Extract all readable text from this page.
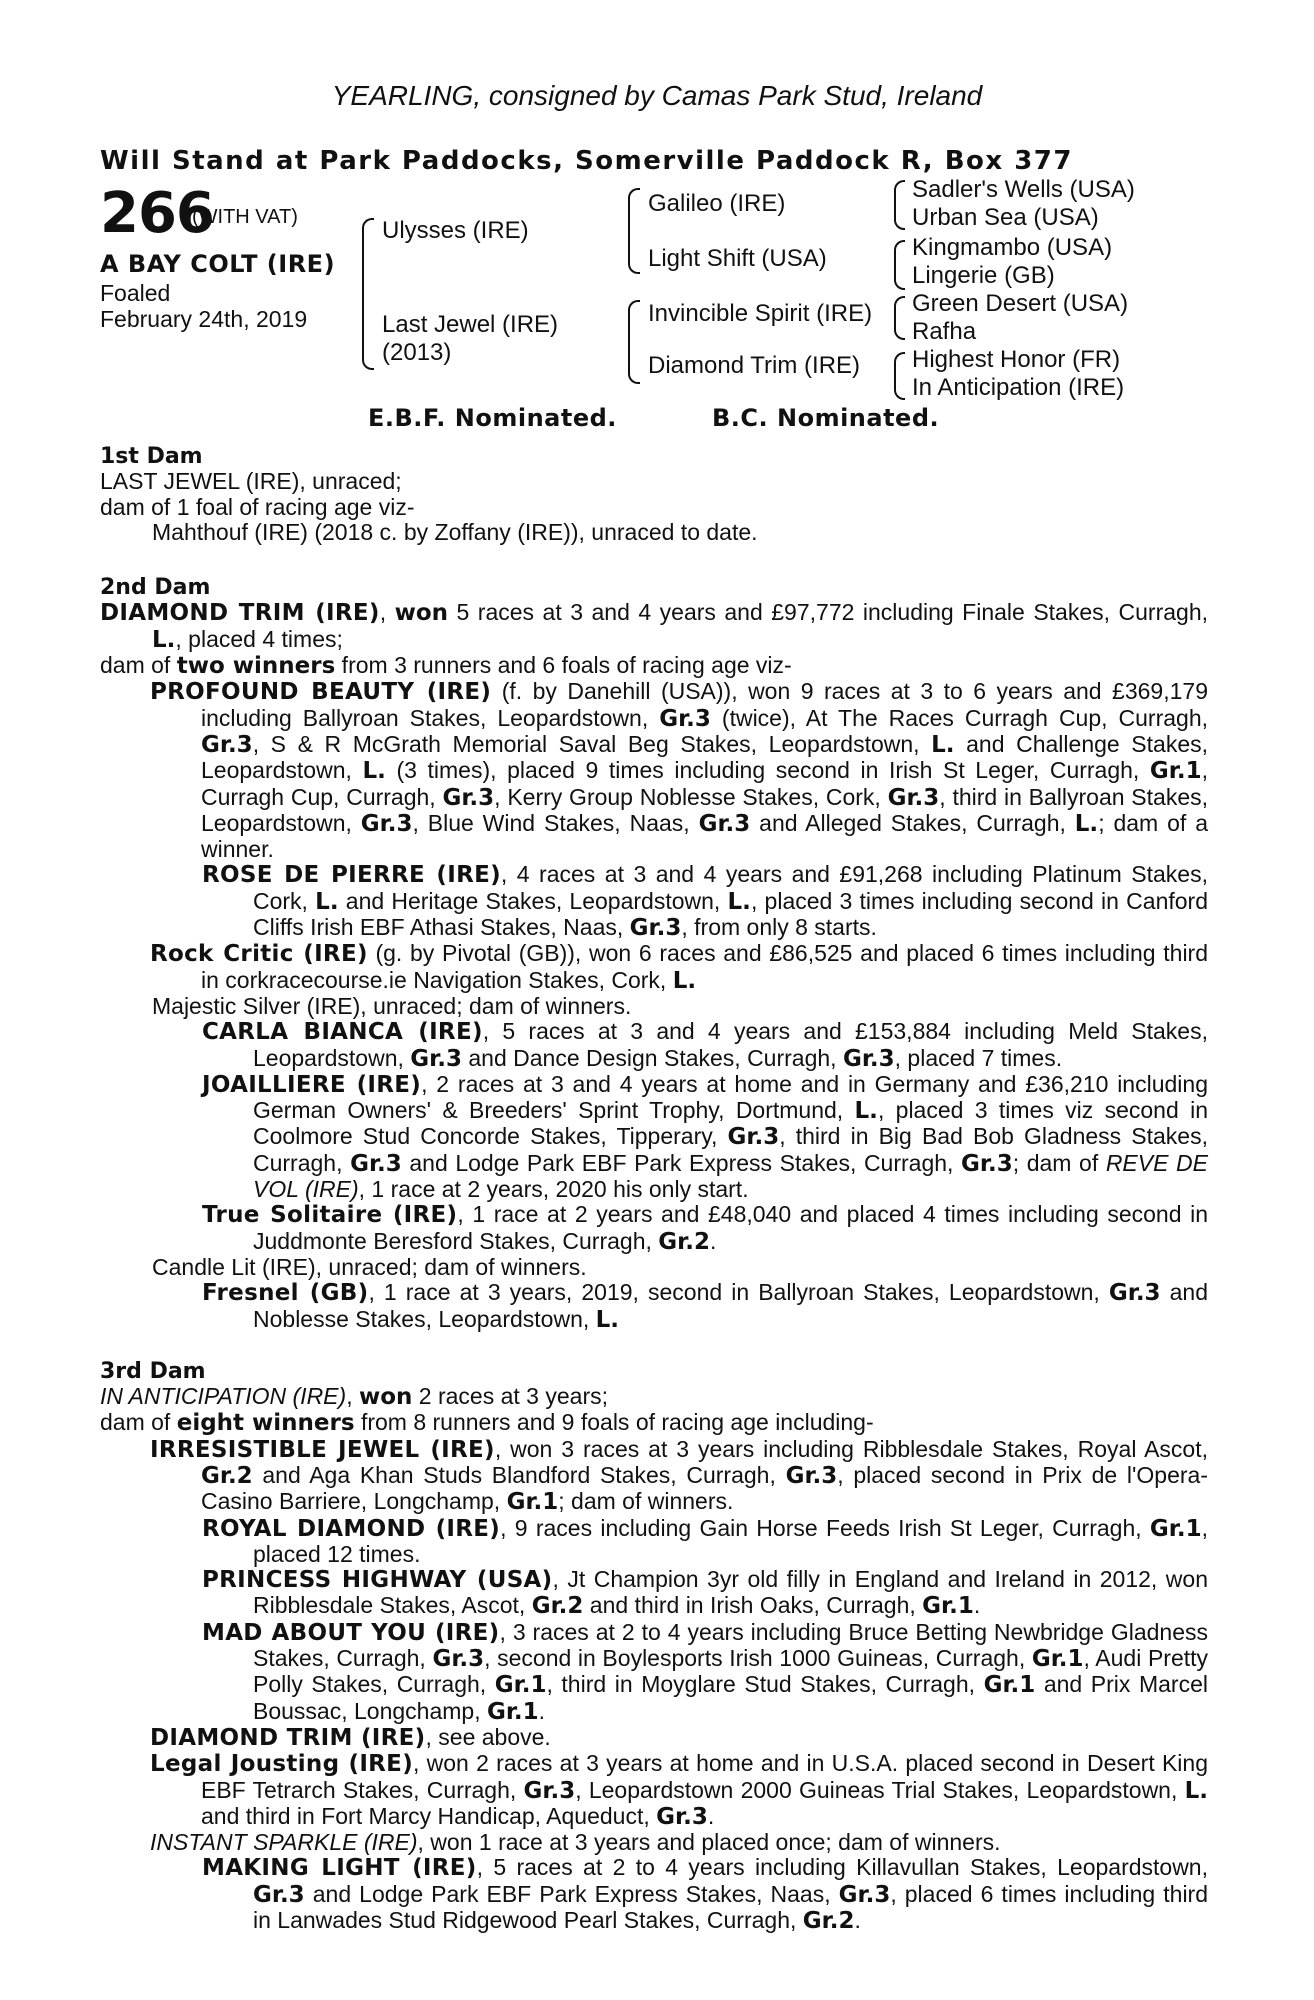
YEARLING, consigned by Camas Park Stud, Ireland
Will Stand at Park Paddocks, Somerville Paddock R, Box 377
266
(WITH VAT)
A BAY COLT (IRE)
Foaled
February 24th, 2019
Ulysses (IRE)
Last Jewel (IRE)
(2013)
Galileo (IRE)
Light Shift (USA)
Invincible Spirit (IRE)
Diamond Trim (IRE)
Sadler's Wells (USA)
Urban Sea (USA)
Kingmambo (USA)
Lingerie (GB)
Green Desert (USA)
Rafha
Highest Honor (FR)
In Anticipation (IRE)
E.B.F. Nominated.	B.C. Nominated.
1st Dam
LAST JEWEL (IRE), unraced;
dam of 1 foal of racing age viz-
Mahthouf (IRE) (2018 c. by Zoffany (IRE)), unraced to date.
2nd Dam
DIAMOND TRIM (IRE), won 5 races at 3 and 4 years and £97,772 including Finale Stakes, Curragh, L., placed 4 times;
dam of two winners from 3 runners and 6 foals of racing age viz-
PROFOUND BEAUTY (IRE) (f. by Danehill (USA)), won 9 races at 3 to 6 years and £369,179 including Ballyroan Stakes, Leopardstown, Gr.3 (twice), At The Races Curragh Cup, Curragh, Gr.3, S & R McGrath Memorial Saval Beg Stakes, Leopardstown, L. and Challenge Stakes, Leopardstown, L. (3 times), placed 9 times including second in Irish St Leger, Curragh, Gr.1, Curragh Cup, Curragh, Gr.3, Kerry Group Noblesse Stakes, Cork, Gr.3, third in Ballyroan Stakes, Leopardstown, Gr.3, Blue Wind Stakes, Naas, Gr.3 and Alleged Stakes, Curragh, L.; dam of a winner.
ROSE DE PIERRE (IRE), 4 races at 3 and 4 years and £91,268 including Platinum Stakes, Cork, L. and Heritage Stakes, Leopardstown, L., placed 3 times including second in Canford Cliffs Irish EBF Athasi Stakes, Naas, Gr.3, from only 8 starts.
Rock Critic (IRE) (g. by Pivotal (GB)), won 6 races and £86,525 and placed 6 times including third in corkracecourse.ie Navigation Stakes, Cork, L.
Majestic Silver (IRE), unraced; dam of winners.
CARLA BIANCA (IRE), 5 races at 3 and 4 years and £153,884 including Meld Stakes, Leopardstown, Gr.3 and Dance Design Stakes, Curragh, Gr.3, placed 7 times.
JOAILLIERE (IRE), 2 races at 3 and 4 years at home and in Germany and £36,210 including German Owners' & Breeders' Sprint Trophy, Dortmund, L., placed 3 times viz second in Coolmore Stud Concorde Stakes, Tipperary, Gr.3, third in Big Bad Bob Gladness Stakes, Curragh, Gr.3 and Lodge Park EBF Park Express Stakes, Curragh, Gr.3; dam of REVE DE VOL (IRE), 1 race at 2 years, 2020 his only start.
True Solitaire (IRE), 1 race at 2 years and £48,040 and placed 4 times including second in Juddmonte Beresford Stakes, Curragh, Gr.2.
Candle Lit (IRE), unraced; dam of winners.
Fresnel (GB), 1 race at 3 years, 2019, second in Ballyroan Stakes, Leopardstown, Gr.3 and Noblesse Stakes, Leopardstown, L.
3rd Dam
IN ANTICIPATION (IRE), won 2 races at 3 years;
dam of eight winners from 8 runners and 9 foals of racing age including-
IRRESISTIBLE JEWEL (IRE), won 3 races at 3 years including Ribblesdale Stakes, Royal Ascot, Gr.2 and Aga Khan Studs Blandford Stakes, Curragh, Gr.3, placed second in Prix de l'Opera-Casino Barriere, Longchamp, Gr.1; dam of winners.
ROYAL DIAMOND (IRE), 9 races including Gain Horse Feeds Irish St Leger, Curragh, Gr.1, placed 12 times.
PRINCESS HIGHWAY (USA), Jt Champion 3yr old filly in England and Ireland in 2012, won Ribblesdale Stakes, Ascot, Gr.2 and third in Irish Oaks, Curragh, Gr.1.
MAD ABOUT YOU (IRE), 3 races at 2 to 4 years including Bruce Betting Newbridge Gladness Stakes, Curragh, Gr.3, second in Boylesports Irish 1000 Guineas, Curragh, Gr.1, Audi Pretty Polly Stakes, Curragh, Gr.1, third in Moyglare Stud Stakes, Curragh, Gr.1 and Prix Marcel Boussac, Longchamp, Gr.1.
DIAMOND TRIM (IRE), see above.
Legal Jousting (IRE), won 2 races at 3 years at home and in U.S.A. placed second in Desert King EBF Tetrarch Stakes, Curragh, Gr.3, Leopardstown 2000 Guineas Trial Stakes, Leopardstown, L. and third in Fort Marcy Handicap, Aqueduct, Gr.3.
INSTANT SPARKLE (IRE), won 1 race at 3 years and placed once; dam of winners.
MAKING LIGHT (IRE), 5 races at 2 to 4 years including Killavullan Stakes, Leopardstown, Gr.3 and Lodge Park EBF Park Express Stakes, Naas, Gr.3, placed 6 times including third in Lanwades Stud Ridgewood Pearl Stakes, Curragh, Gr.2.
